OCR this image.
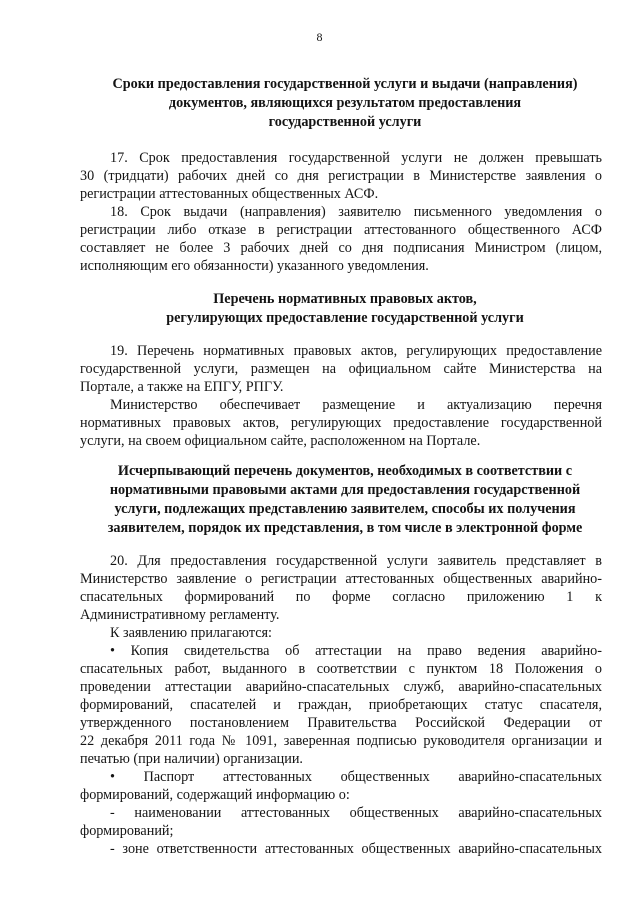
8
Сроки предоставления государственной услуги и выдачи (направления)
документов, являющихся результатом предоставления
государственной услуги
17. Срок предоставления государственной услуги не должен превышать
30 (тридцати) рабочих дней со дня регистрации в Министерстве заявления о
регистрации аттестованных общественных АСФ.
18. Срок выдачи (направления) заявителю письменного уведомления о
регистрации либо отказе в регистрации аттестованного общественного АСФ
составляет не более 3 рабочих дней со дня подписания Министром (лицом,
исполняющим его обязанности) указанного уведомления.
Перечень нормативных правовых актов,
регулирующих предоставление государственной услуги
19. Перечень нормативных правовых актов, регулирующих предоставление
государственной услуги, размещен на официальном сайте Министерства на
Портале, а также на ЕПГУ, РПГУ.
Министерство обеспечивает размещение и актуализацию перечня
нормативных правовых актов, регулирующих предоставление государственной
услуги, на своем официальном сайте, расположенном на Портале.
Исчерпывающий перечень документов, необходимых в соответствии с
нормативными правовыми актами для предоставления государственной
услуги, подлежащих представлению заявителем, способы их получения
заявителем, порядок их представления, в том числе в электронной форме
20. Для предоставления государственной услуги заявитель представляет в
Министерство заявление о регистрации аттестованных общественных аварийно-
спасательных формирований по форме согласно приложению 1 к
Административному регламенту.
К заявлению прилагаются:
• Копия свидетельства об аттестации на право ведения аварийно-
спасательных работ, выданного в соответствии с пунктом 18 Положения о
проведении аттестации аварийно-спасательных служб, аварийно-спасательных
формирований, спасателей и граждан, приобретающих статус спасателя,
утвержденного постановлением Правительства Российской Федерации от
22 декабря 2011 года № 1091, заверенная подписью руководителя организации и
печатью (при наличии) организации.
• Паспорт аттестованных общественных аварийно-спасательных
формирований, содержащий информацию о:
- наименовании аттестованных общественных аварийно-спасательных
формирований;
- зоне ответственности аттестованных общественных аварийно-спасательных
